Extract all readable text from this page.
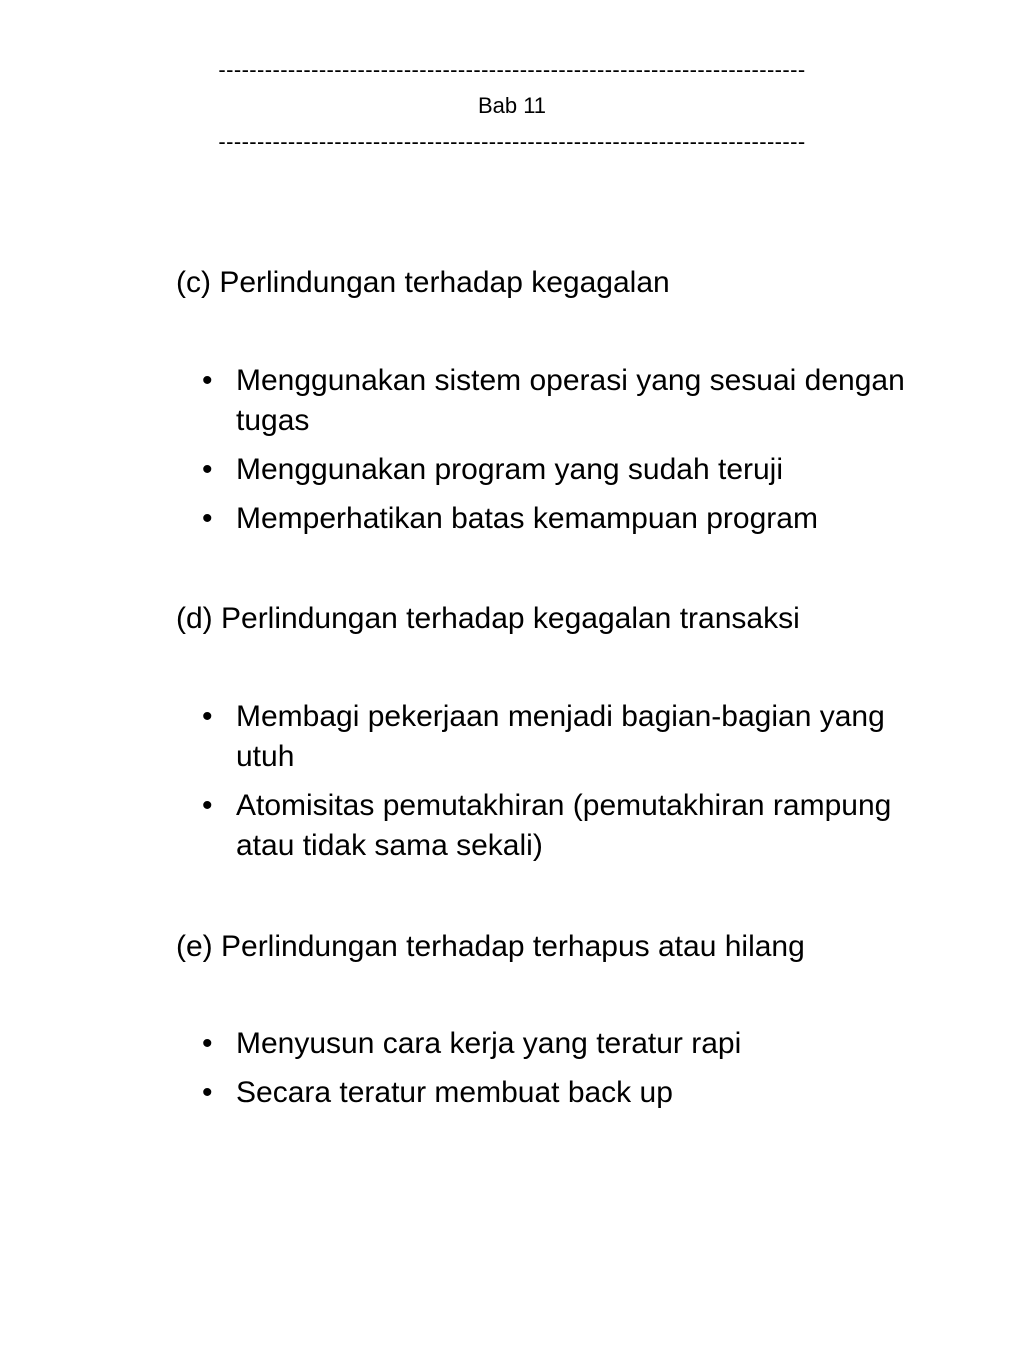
----------------------------------------------------------------------------
Bab 11
----------------------------------------------------------------------------
(c) Perlindungan terhadap kegagalan
• Menggunakan sistem operasi yang sesuai dengan tugas
• Menggunakan program yang sudah teruji
• Memperhatikan batas kemampuan program
(d) Perlindungan terhadap kegagalan transaksi
• Membagi pekerjaan menjadi bagian-bagian yang utuh
• Atomisitas pemutakhiran (pemutakhiran rampung atau tidak sama sekali)
(e) Perlindungan terhadap terhapus atau hilang
• Menyusun cara kerja yang teratur rapi
• Secara teratur membuat back up
